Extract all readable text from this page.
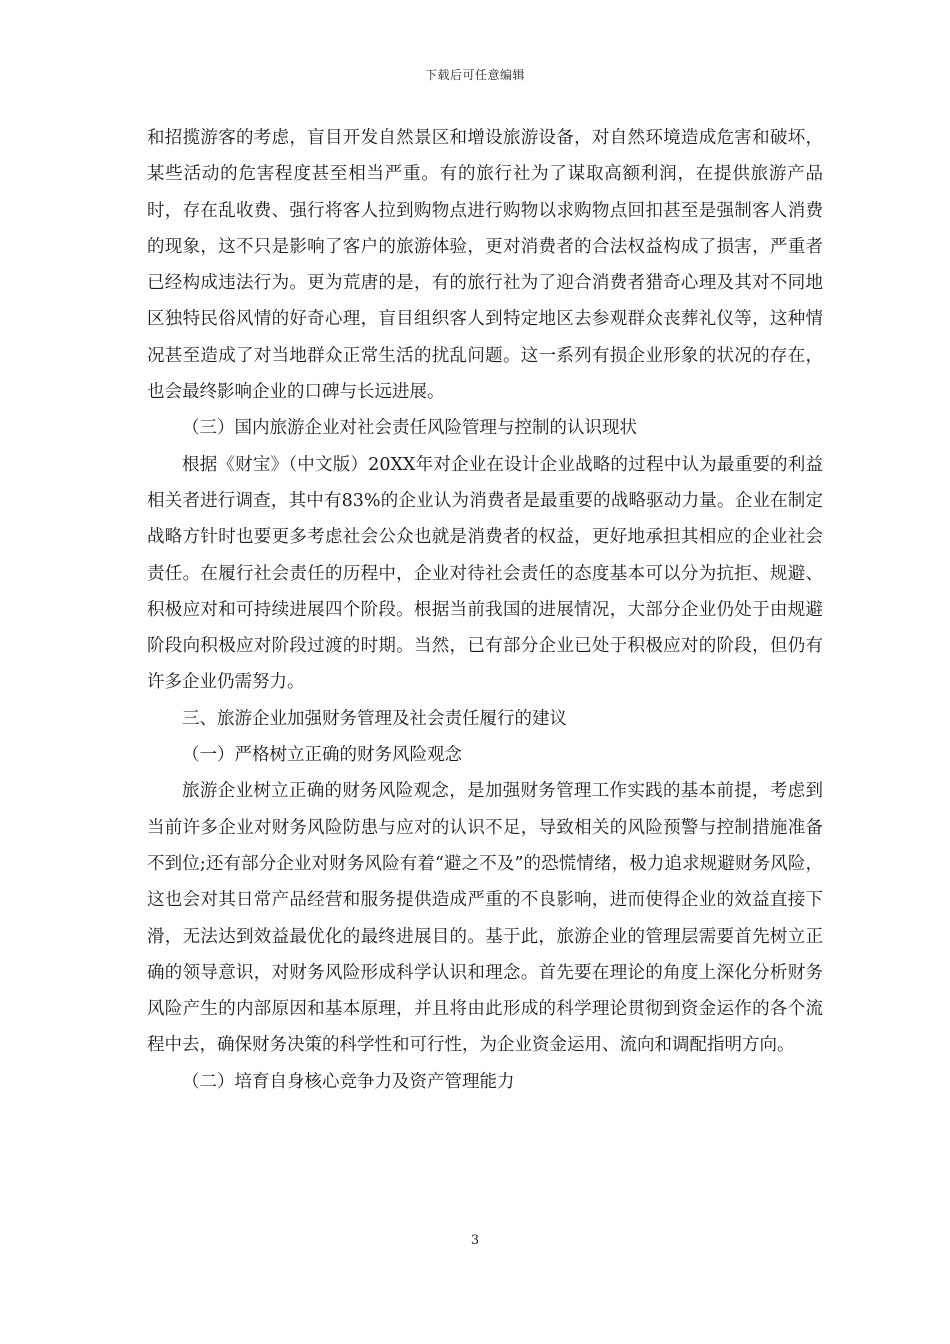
下载后可任意编辑

和招揽游客的考虑，盲目开发自然景区和增设旅游设备，对自然环境造成危害和破坏，某些活动的危害程度甚至相当严重。有的旅行社为了谋取高额利润，在提供旅游产品时，存在乱收费、强行将客人拉到购物点进行购物以求购物点回扣甚至是强制客人消费的现象，这不只是影响了客户的旅游体验，更对消费者的合法权益构成了损害，严重者已经构成违法行为。更为荒唐的是，有的旅行社为了迎合消费者猎奇心理及其对不同地区独特民俗风情的好奇心理，盲目组织客人到特定地区去参观群众丧葬礼仪等，这种情况甚至造成了对当地群众正常生活的扰乱问题。这一系列有损企业形象的状况的存在，也会最终影响企业的口碑与长远进展。

（三）国内旅游企业对社会责任风险管理与控制的认识现状

根据《财宝》（中文版）20XX年对企业在设计企业战略的过程中认为最重要的利益相关者进行调查，其中有83%的企业认为消费者是最重要的战略驱动力量。企业在制定战略方针时也要更多考虑社会公众也就是消费者的权益，更好地承担其相应的企业社会责任。在履行社会责任的历程中，企业对待社会责任的态度基本可以分为抗拒、规避、积极应对和可持续进展四个阶段。根据当前我国的进展情况，大部分企业仍处于由规避阶段向积极应对阶段过渡的时期。当然，已有部分企业已处于积极应对的阶段，但仍有许多企业仍需努力。

三、旅游企业加强财务管理及社会责任履行的建议

（一）严格树立正确的财务风险观念

旅游企业树立正确的财务风险观念，是加强财务管理工作实践的基本前提，考虑到当前许多企业对财务风险防患与应对的认识不足，导致相关的风险预警与控制措施准备不到位;还有部分企业对财务风险有着“避之不及”的恐慌情绪，极力追求规避财务风险，这也会对其日常产品经营和服务提供造成严重的不良影响，进而使得企业的效益直接下滑，无法达到效益最优化的最终进展目的。基于此，旅游企业的管理层需要首先树立正确的领导意识，对财务风险形成科学认识和理念。首先要在理论的角度上深化分析财务风险产生的内部原因和基本原理，并且将由此形成的科学理论贯彻到资金运作的各个流程中去，确保财务决策的科学性和可行性，为企业资金运用、流向和调配指明方向。

（二）培育自身核心竞争力及资产管理能力

3
